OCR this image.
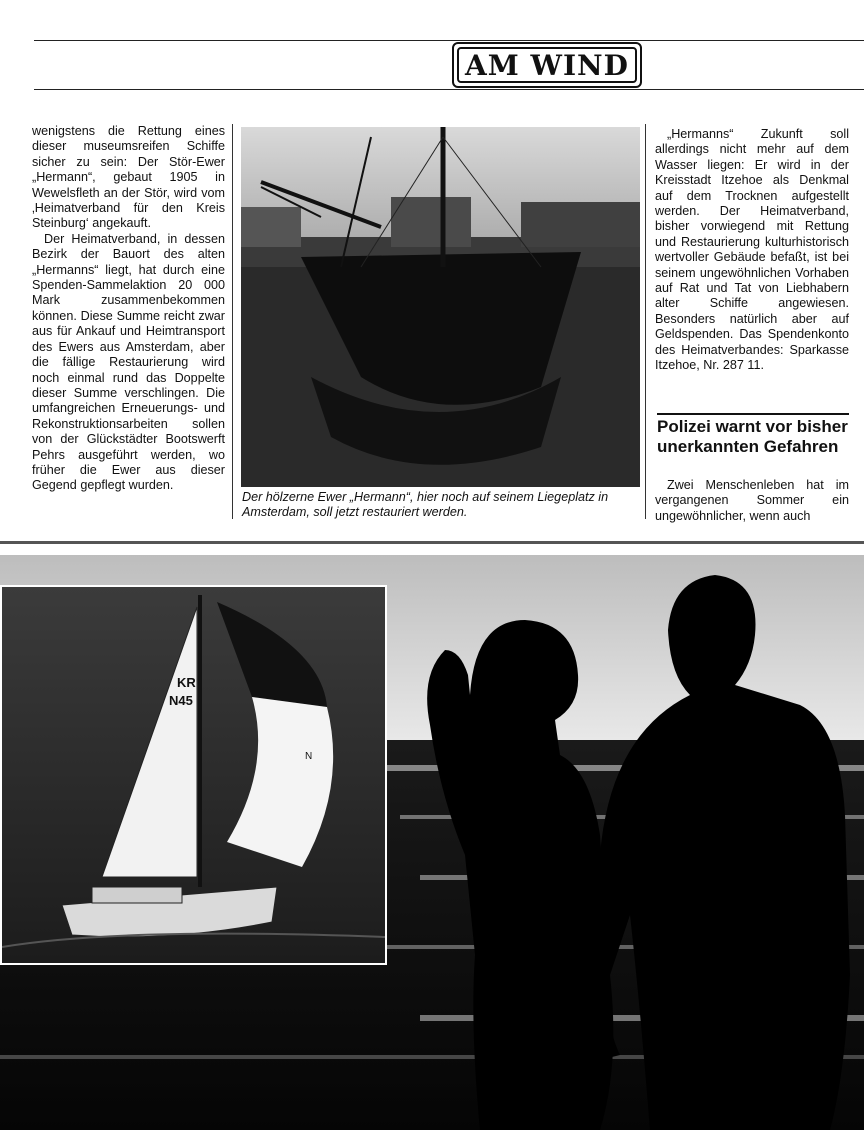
AM WIND

wenigstens die Rettung eines dieser museumsreifen Schiffe sicher zu sein: Der Stör-Ewer „Hermann“, gebaut 1905 in Wewelsfleth an der Stör, wird vom ‚Heimatverband für den Kreis Steinburg‘ angekauft.

Der Heimatverband, in dessen Bezirk der Bauort des alten „Hermanns“ liegt, hat durch eine Spenden-Sammelaktion 20 000 Mark zusammenbekommen können. Diese Summe reicht zwar aus für Ankauf und Heimtransport des Ewers aus Amsterdam, aber die fällige Restaurierung wird noch einmal rund das Doppelte dieser Summe verschlingen. Die umfangreichen Erneuerungs- und Rekonstruktionsarbeiten sollen von der Glückstädter Bootswerft Pehrs ausgeführt werden, wo früher die Ewer aus dieser Gegend gepflegt wurden.

Der hölzerne Ewer „Hermann“, hier noch auf seinem Liegeplatz in Amsterdam, soll jetzt restauriert werden.

„Hermanns“ Zukunft soll allerdings nicht mehr auf dem Wasser liegen: Er wird in der Kreisstadt Itzehoe als Denkmal auf dem Trocknen aufgestellt werden. Der Heimatverband, bisher vorwiegend mit Rettung und Restaurierung kulturhistorisch wertvoller Gebäude befaßt, ist bei seinem ungewöhnlichen Vorhaben auf Rat und Tat von Liebhabern alter Schiffe angewiesen. Besonders natürlich aber auf Geldspenden. Das Spendenkonto des Heimatverbandes: Sparkasse Itzehoe, Nr. 287 11.

Polizei warnt vor bisher unerkannten Gefahren

Zwei Menschenleben hat im vergangenen Sommer ein ungewöhnlicher, wenn auch

KR
N45
N
